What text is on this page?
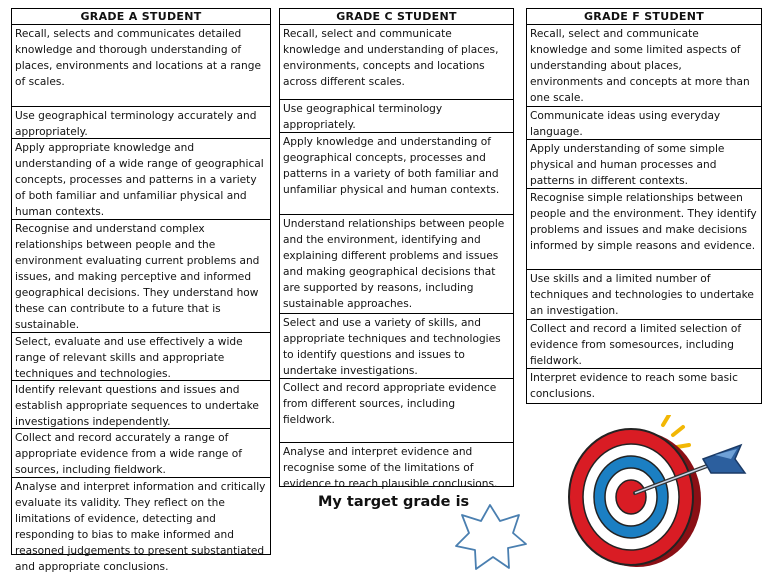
GRADE A STUDENT
Recall, selects and communicates detailed knowledge and thorough understanding of places, environments and locations at a range of scales.
Use geographical terminology accurately and appropriately.
Apply appropriate knowledge and understanding of a wide range of geographical concepts, processes and patterns in a variety of both familiar and unfamiliar physical and human contexts.
Recognise and understand complex relationships between people and the environment evaluating current problems and issues, and making perceptive and informed geographical decisions. They understand how these can contribute to a future that is sustainable.
Select, evaluate and use effectively a wide range of relevant skills and appropriate techniques and technologies.
Identify relevant questions and issues and establish appropriate sequences to undertake investigations independently.
Collect and record accurately a range of appropriate evidence from a wide range of sources, including fieldwork.
Analyse and interpret information and critically evaluate its validity. They reflect on the limitations of evidence, detecting and responding to bias to make informed and reasoned judgements to present substantiated and appropriate conclusions.
GRADE C STUDENT
Recall, select and communicate knowledge and understanding of places, environments, concepts and locations across different scales.
Use geographical terminology appropriately.
Apply knowledge and understanding of geographical concepts, processes and patterns in a variety of both familiar and unfamiliar physical and human contexts.
Understand relationships between people and the environment, identifying and explaining different problems and issues and making geographical decisions that are supported by reasons, including sustainable approaches.
Select and use a variety of skills, and appropriate techniques and technologies to identify questions and issues to undertake investigations.
Collect and record appropriate evidence from different sources, including fieldwork.
Analyse and interpret evidence and recognise some of the limitations of evidence to reach plausible conclusions.
GRADE F STUDENT
Recall, select and communicate knowledge and some limited aspects of understanding about places, environments and concepts at more than one scale.
Communicate ideas using everyday language.
Apply understanding of some simple physical and human processes and patterns in different contexts.
Recognise simple relationships between people and the environment. They identify problems and issues and make decisions informed by simple reasons and evidence.
Use skills and a limited number of techniques and technologies to undertake an investigation.
Collect and record a limited selection of evidence from somesources, including fieldwork.
Interpret evidence to reach some basic conclusions.
My target grade is
